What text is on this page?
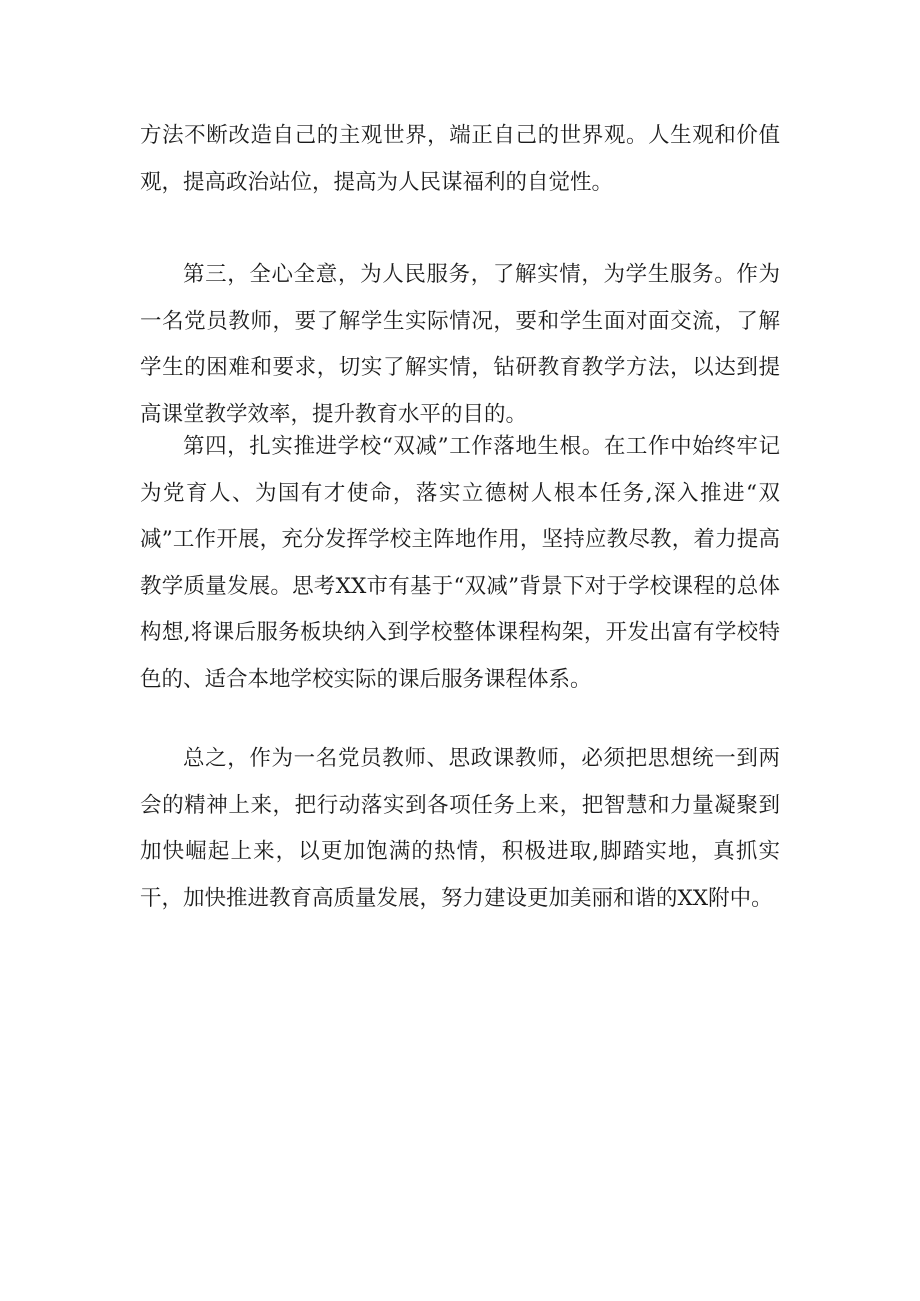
方法不断改造自己的主观世界，端正自己的世界观。人生观和价值观，提高政治站位，提高为人民谋福利的自觉性。

第三，全心全意，为人民服务，了解实情，为学生服务。作为一名党员教师，要了解学生实际情况，要和学生面对面交流，了解学生的困难和要求，切实了解实情，钻研教育教学方法，以达到提高课堂教学效率，提升教育水平的目的。

第四，扎实推进学校“双减”工作落地生根。在工作中始终牢记为党育人、为国有才使命，落实立德树人根本任务,深入推进“双减”工作开展，充分发挥学校主阵地作用，坚持应教尽教，着力提高教学质量发展。思考XX市有基于“双减”背景下对于学校课程的总体构想,将课后服务板块纳入到学校整体课程构架，开发出富有学校特色的、适合本地学校实际的课后服务课程体系。

总之，作为一名党员教师、思政课教师，必须把思想统一到两会的精神上来，把行动落实到各项任务上来，把智慧和力量凝聚到加快崛起上来，以更加饱满的热情，积极进取,脚踏实地，真抓实干，加快推进教育高质量发展，努力建设更加美丽和谐的XX附中。
